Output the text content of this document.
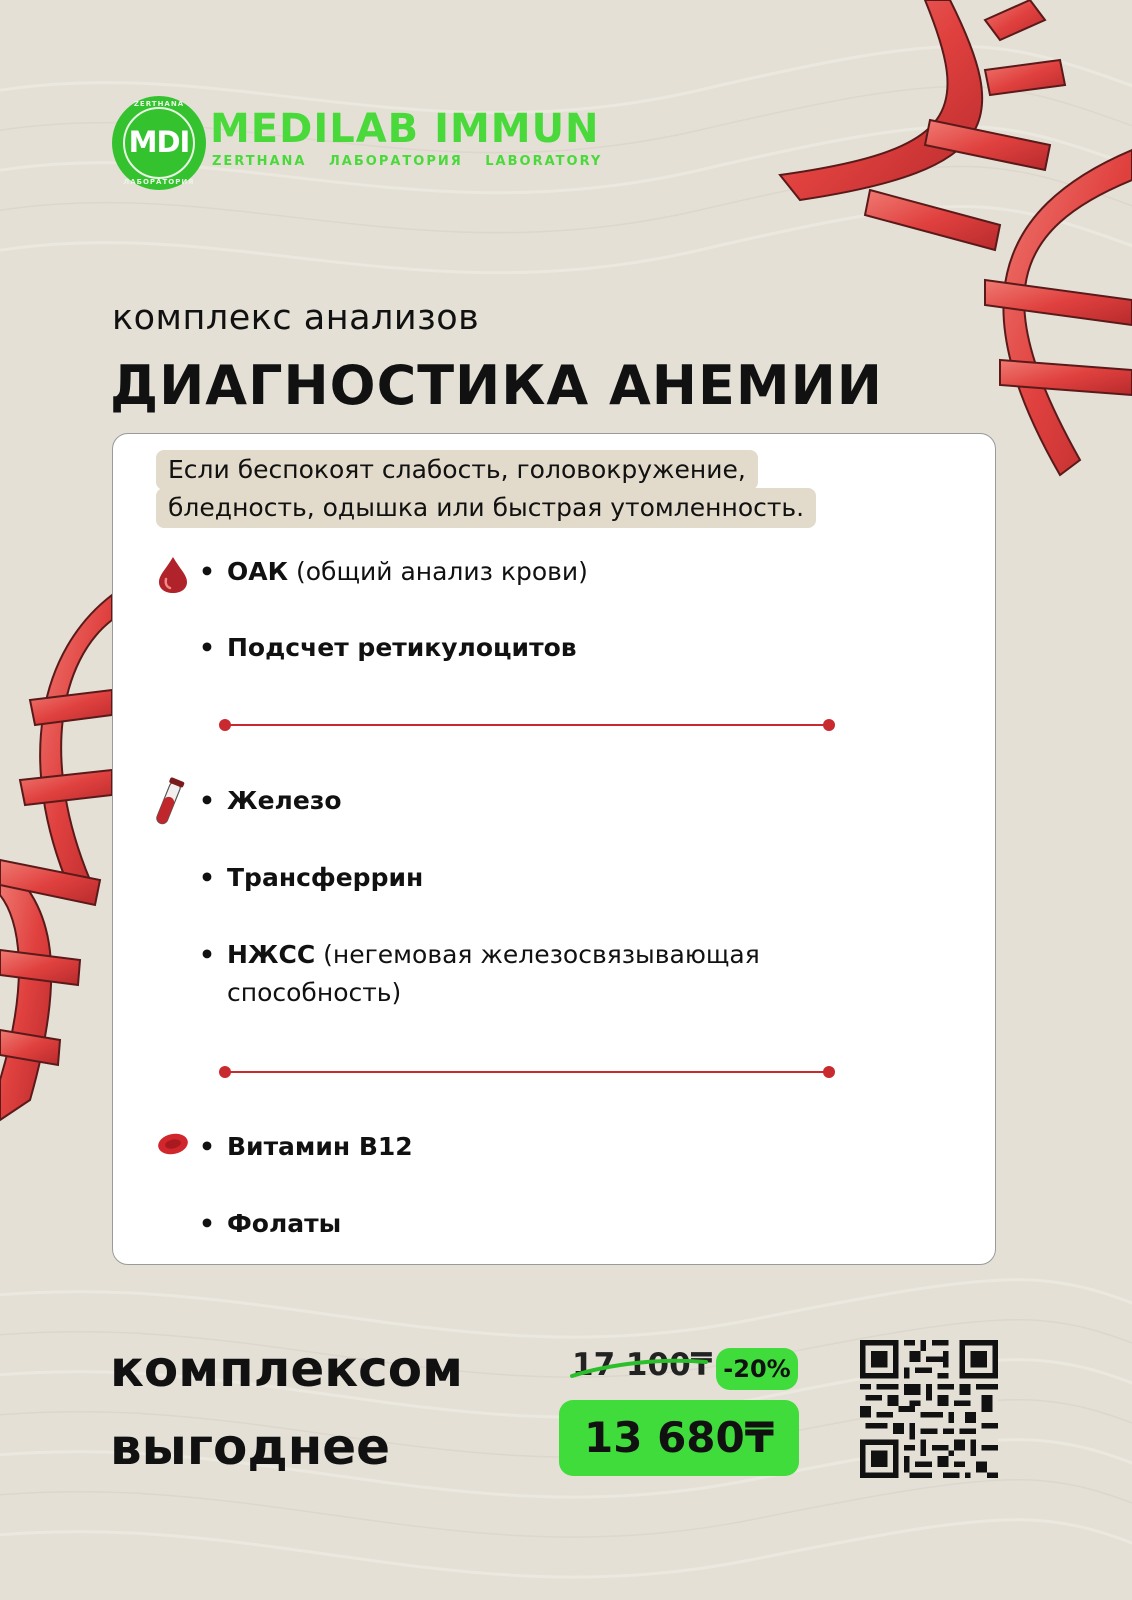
ZERTHANA
MDI
ЛАБОРАТОРИЯ
MEDILAB IMMUN
ZERTHANA ЛАБОРАТОРИЯ LABORATORY
комплекс анализов
ДИАГНОСТИКА АНЕМИИ
бледность, одышка или быстрая утомленность.
Если беспокоят слабость, головокружение,
• ОАК (общий анализ крови)
• Подсчет ретикулоцитов
• Железо
• Трансферрин
• НЖСС (негемовая железосвязывающая
способность)
• Витамин B12
• Фолаты
комплексом
выгоднее
17 100₸ -20%
13 680₸
